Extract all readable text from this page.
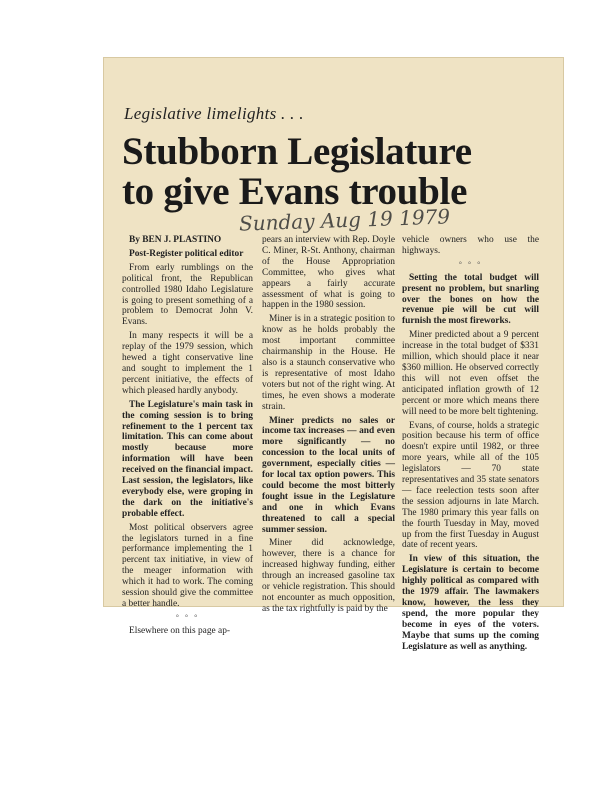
Legislative limelights . . .
Stubborn Legislature
to give Evans trouble
Sunday Aug 19 1979

By BEN J. PLASTINO

Post-Register political editor

From early rumblings on the political front, the Republican controlled 1980 Idaho Legislature is going to present something of a problem to Democrat John V. Evans.

In many respects it will be a replay of the 1979 session, which hewed a tight conservative line and sought to implement the 1 percent initiative, the effects of which pleased hardly anybody.

The Legislature's main task in the coming session is to bring refinement to the 1 percent tax limitation. This can come about mostly because more information will have been received on the financial impact. Last session, the legislators, like everybody else, were groping in the dark on the initiative's probable effect.

Most political observers agree the legislators turned in a fine performance implementing the 1 percent tax initiative, in view of the meager information with which it had to work. The coming session should give the committee a better handle.

° ° °

Elsewhere on this page ap-

pears an interview with Rep. Doyle C. Miner, R-St. Anthony, chairman of the House Appropriation Committee, who gives what appears a fairly accurate assessment of what is going to happen in the 1980 session.

Miner is in a strategic position to know as he holds probably the most important committee chairmanship in the House. He also is a staunch conservative who is representative of most Idaho voters but not of the right wing. At times, he even shows a moderate strain.

Miner predicts no sales or income tax increases — and even more significantly — no concession to the local units of government, especially cities — for local tax option powers. This could become the most bitterly fought issue in the Legislature and one in which Evans threatened to call a special summer session.

Miner did acknowledge, however, there is a chance for increased highway funding, either through an increased gasoline tax or vehicle registration. This should not encounter as much opposition, as the tax rightfully is paid by the

vehicle owners who use the highways.

° ° °

Setting the total budget will present no problem, but snarling over the bones on how the revenue pie will be cut will furnish the most fireworks.

Miner predicted about a 9 percent increase in the total budget of $331 million, which should place it near $360 million. He observed correctly this will not even offset the anticipated inflation growth of 12 percent or more which means there will need to be more belt tightening.

Evans, of course, holds a strategic position because his term of office doesn't expire until 1982, or three more years, while all of the 105 legislators — 70 state representatives and 35 state senators — face reelection tests soon after the session adjourns in late March. The 1980 primary this year falls on the fourth Tuesday in May, moved up from the first Tuesday in August date of recent years.

In view of this situation, the Legislature is certain to become highly political as compared with the 1979 affair. The lawmakers know, however, the less they spend, the more popular they become in eyes of the voters. Maybe that sums up the coming Legislature as well as anything.
